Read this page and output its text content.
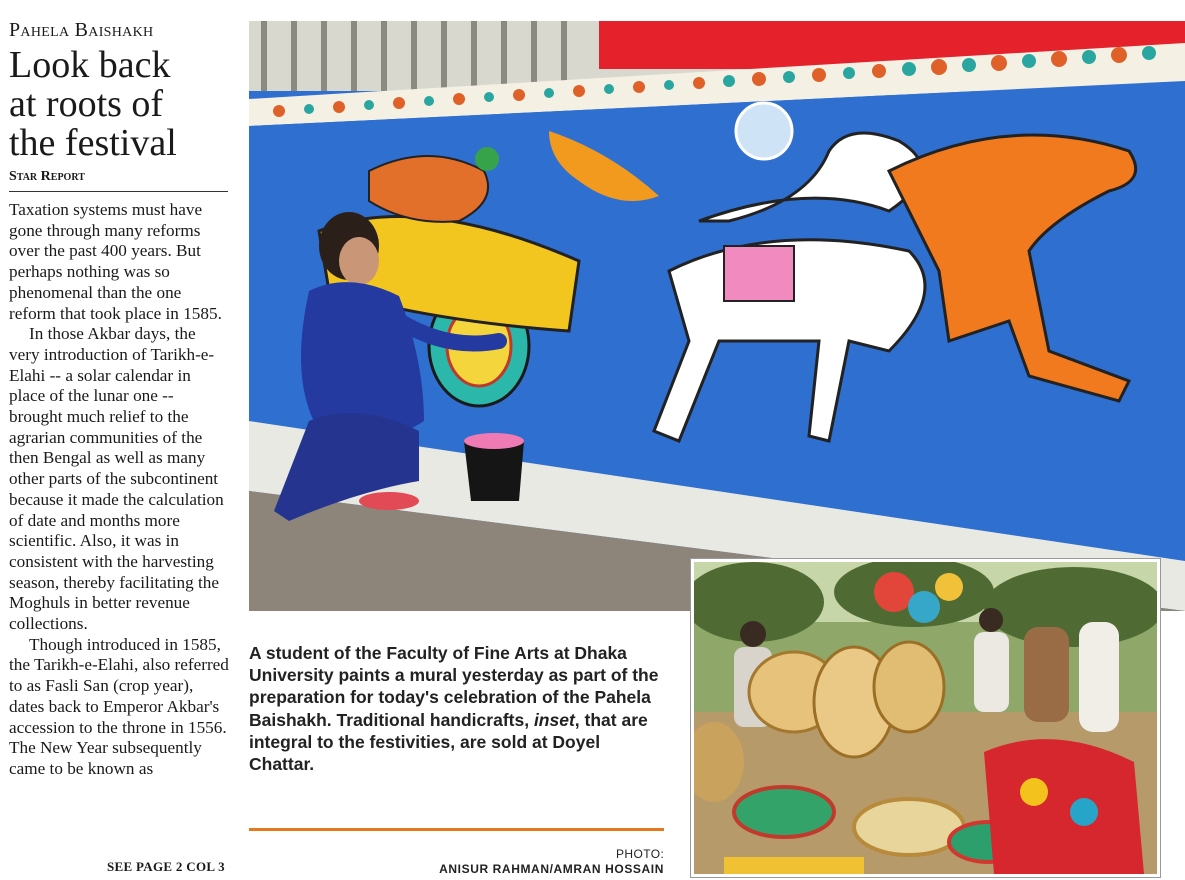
Pahela Baishakh
Look back
at roots of
the festival
Star Report

Taxation systems must have gone through many reforms over the past 400 years. But perhaps nothing was so phenomenal than the one reform that took place in 1585.

In those Akbar days, the very introduction of Tarikh-e-Elahi -- a solar calendar in place of the lunar one -- brought much relief to the agrarian communities of the then Bengal as well as many other parts of the subcontinent because it made the calculation of date and months more scientific. Also, it was in consistent with the harvesting season, thereby facilitating the Moghuls in better revenue collections.

Though introduced in 1585, the Tarikh-e-Elahi, also referred to as Fasli San (crop year), dates back to Emperor Akbar's accession to the throne in 1556. The New Year subsequently came to be known as

SEE PAGE 2 COL 3
A student of the Faculty of Fine Arts at Dhaka University paints a mural yesterday as part of the preparation for today's celebration of the Pahela Baishakh. Traditional handicrafts, inset, that are integral to the festivities, are sold at Doyel Chattar.
PHOTO:
ANISUR RAHMAN/AMRAN HOSSAIN
